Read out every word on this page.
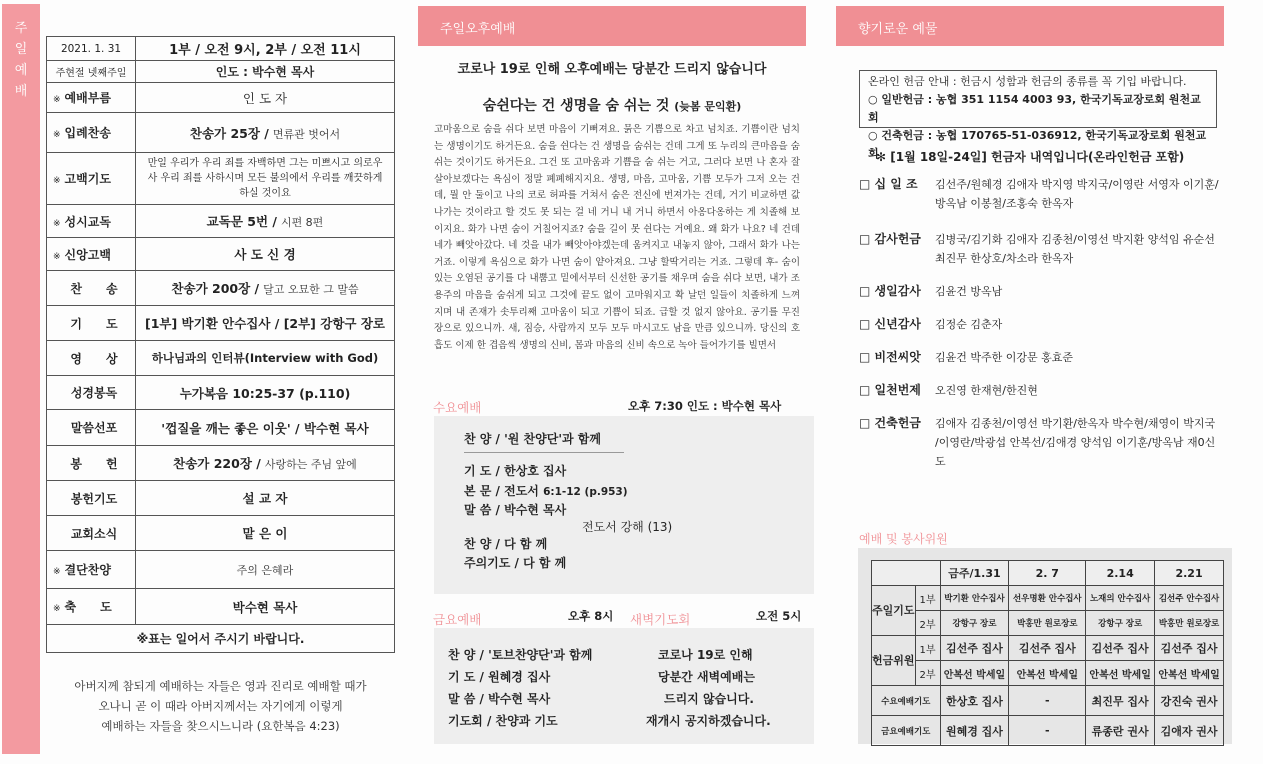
주일예배
2021. 1. 31	1부 / 오전 9시, 2부 / 오전 11시
주현절 넷째주일	인도 : 박수현 목사
※ 예배부름	인 도 자
※ 입례찬송	찬송가 25장 / 면류관 벗어서
※ 고백기도	만일 우리가 우리 죄를 자백하면 그는 미쁘시고 의로우사 우리 죄를 사하시며 모든 불의에서 우리를 깨끗하게 하실 것이요
※ 성시교독	교독문 5번 / 시편 8편
※ 신앙고백	사 도 신 경
찬　　송	찬송가 200장 / 달고 오묘한 그 말씀
기　　도	[1부] 박기환 안수집사 / [2부] 강항구 장로
영　　상	하나님과의 인터뷰(Interview with God)
성경봉독	누가복음 10:25-37 (p.110)
말씀선포	'껍질을 깨는 좋은 이웃' / 박수현 목사
봉　　헌	찬송가 220장 / 사랑하는 주님 앞에
봉헌기도	설 교 자
교회소식	맡 은 이
※ 결단찬양	주의 은혜라
※ 축　　도	박수현 목사
※표는 일어서 주시기 바랍니다.	
아버지께 참되게 예배하는 자들은 영과 진리로 예배할 때가
오나니 곧 이 때라 아버지께서는 자기에게 이렇게
예배하는 자들을 찾으시느니라 (요한복음 4:23)
주일오후예배
코로나 19로 인해 오후예배는 당분간 드리지 않습니다
숨쉰다는 건 생명을 숨 쉬는 것 (늦봄 문익환)
고마움으로 숨을 쉬다 보면 마음이 기뻐져요. 묽은 기쁨으로 차고 넘치죠. 기쁨이란 넘치는 생명이기도 하거든요. 숨을 쉰다는 건 생명을 숨쉬는 건데 그게 또 누리의 큰마음을 숨 쉬는 것이기도 하거든요. 그건 또 고마움과 기쁨을 숨 쉬는 거고, 그러다 보면 나 혼자 잘 살아보겠다는 욕심이 정말 폐폐해지지요. 생명, 마음, 고마움, 기쁨 모두가 그저 오는 건데, 뭘 안 둘이고 나의 코로 허파를 거쳐서 숨은 전신에 번져가는 건데, 거기 비교하면 값나가는 것이라고 할 것도 못 되는 걸 네 거니 내 거니 하면서 아옹다옹하는 게 치졸해 보이지요. 화가 나면 숨이 거칠어지죠? 숨을 길이 못 쉰다는 거예요. 왜 화가 나요? 네 건데 네가 빼앗아갔다. 네 것을 내가 빼앗아야겠는데 움켜지고 내놓지 않아, 그래서 화가 나는 거죠. 이렇게 욕심으로 화가 나면 숨이 얕아져요. 그냥 할딱거리는 거죠. 그렇데 후- 숨이 있는 오염된 공기를 다 내뿜고 밑에서부터 신선한 공기를 채우며 숨을 쉬다 보면, 내가 조용주의 마음을 숨쉬게 되고 그것에 끝도 없이 고마워지고 확 날던 일들이 치졸하게 느껴지며 내 존재가 솟투리째 고마움이 되고 기쁨이 되죠. 급할 것 없지 않아요. 공기를 무진장으로 있으니까. 새, 짐승, 사람까지 모두 모두 마시고도 남을 만큼 있으니까. 당신의 호흡도 이제 한 겹음씩 생명의 신비, 몸과 마음의 신비 속으로 녹아 들어가기를 빌면서
수요예배	오후 7:30 인도 : 박수현 목사
찬 양 / '원 찬양단'과 함께
기 도 / 한상호 집사
본 문 / 전도서 6:1-12 (p.953)
말 씀 / 박수현 목사
전도서 강해 (13)
찬 양 / 다 함 께
주의기도 / 다 함 께
금요예배	오후 8시 새벽기도회	오전 5시
찬 양 / '토브찬양단'과 함께
기 도 / 원혜경 집사
말 씀 / 박수현 목사
기도회 / 찬양과 기도
코로나 19로 인해
당분간 새벽예배는
드리지 않습니다.
재개시 공지하겠습니다.
향기로운 예물
온라인 헌금 안내 : 헌금시 성함과 헌금의 종류를 꼭 기입 바랍니다.
○ 일반헌금 : 농협 351 1154 4003 93, 한국기독교장로회 원천교회
○ 건축헌금 : 농협 170765-51-036912, 한국기독교장로회 원천교회
✻ [1월 18일-24일] 헌금자 내역입니다(온라인헌금 포함)
□ 십 일 조 김선주/원혜경 김애자 박지영 박지국/이영란 서영자 이기훈/방옥남 이봉철/조홍숙 한옥자
□ 감사헌금 김병국/김기화 김애자 김종천/이영선 박지환 양석임 유순선 최진무 한상호/차소라 한옥자
□ 생일감사 김윤건 방옥남
□ 신년감사 김정순 김춘자
□ 비전씨앗 김윤건 박주한 이강문 홍효준
□ 일천번제 오진영 한재현/한진현
□ 건축헌금 김애자 김종천/이영선 박기환/한옥자 박수현/채영이 박지국 /이영란/박광섭 안복선/김애경 양석임 이기훈/방옥남 재0신도
예배 및 봉사위원
		금주/1.31	2. 7	2.14	2.21
주일기도	1부	박기환 안수집사	선우명환 안수집사	노재의 안수집사	김선주 안수집사
	2부	강항구 장로	박홍만 원로장로	강항구 장로	박홍만 원로장로
헌금위원	1부	김선주 집사	김선주 집사	김선주 집사	김선주 집사
	2부	안복선 박세일	안복선 박세일	안복선 박세일	안복선 박세일
수요예배기도		한상호 집사	-	최진무 집사	강진숙 권사
금요예배기도		원혜경 집사	-	류종란 권사	김애자 권사
